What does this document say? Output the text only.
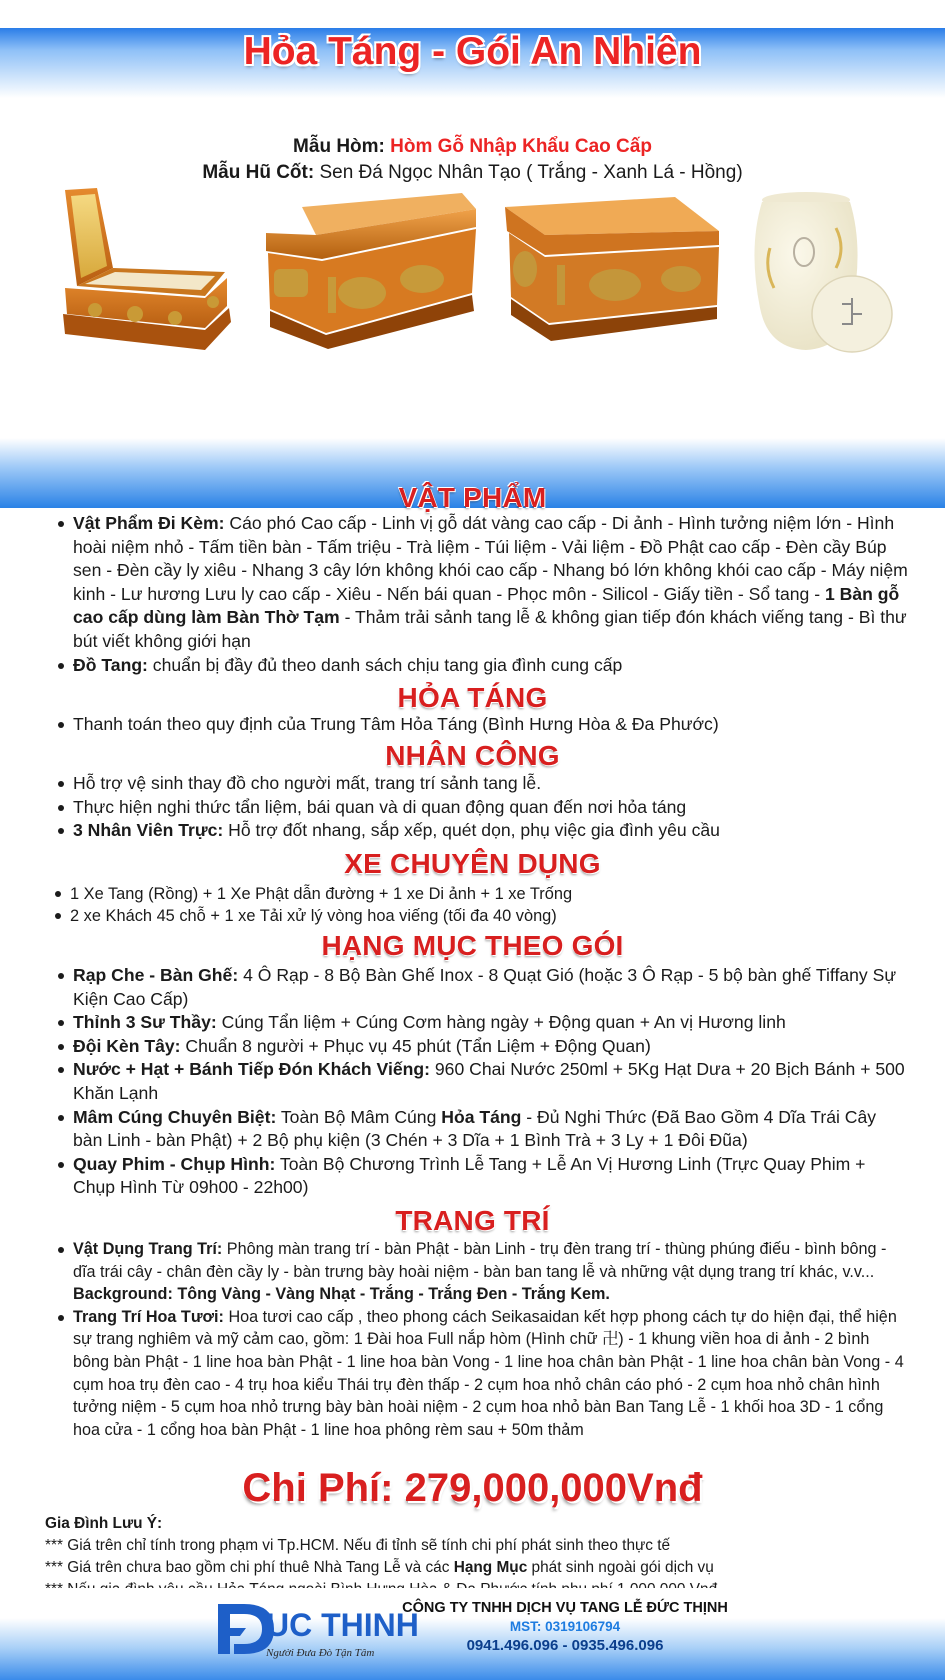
Hỏa Táng - Gói An Nhiên
Mẫu Hòm: Hòm Gỗ Nhập Khẩu Cao Cấp
Mẫu Hũ Cốt: Sen Đá Ngọc Nhân Tạo ( Trắng - Xanh Lá - Hồng)
VẬT PHẨM
Vật Phẩm Đi Kèm: Cáo phó Cao cấp - Linh vị gỗ dát vàng cao cấp - Di ảnh - Hình tưởng niệm lớn - Hình hoài niệm nhỏ - Tấm tiền bàn - Tấm triệu - Trà liệm - Túi liệm - Vải liệm - Đồ Phật cao cấp - Đèn cầy Búp sen - Đèn cầy ly xiêu - Nhang 3 cây lớn không khói cao cấp - Nhang bó lớn không khói cao cấp - Máy niệm kinh - Lư hương Lưu ly cao cấp - Xiêu - Nến bái quan - Phọc môn - Silicol - Giấy tiền - Sổ tang - 1 Bàn gỗ cao cấp dùng làm Bàn Thờ Tạm - Thảm trải sảnh tang lễ & không gian tiếp đón khách viếng tang - Bì thư bút viết không giới hạn
Đồ Tang: chuẩn bị đầy đủ theo danh sách chịu tang gia đình cung cấp
HỎA TÁNG
Thanh toán theo quy định của Trung Tâm Hỏa Táng (Bình Hưng Hòa & Đa Phước)
NHÂN CÔNG
Hỗ trợ vệ sinh thay đồ cho người mất, trang trí sảnh tang lễ.
Thực hiện nghi thức tẩn liệm, bái quan và di quan động quan đến nơi hỏa táng
3 Nhân Viên Trực: Hỗ trợ đốt nhang, sắp xếp, quét dọn, phụ việc gia đình yêu cầu
XE CHUYÊN DỤNG
1 Xe Tang (Rồng) + 1 Xe Phật dẫn đường + 1 xe Di ảnh + 1 xe Trống
2 xe Khách 45 chỗ + 1 xe Tải xử lý vòng hoa viếng (tối đa 40 vòng)
HẠNG MỤC THEO GÓI
Rạp Che - Bàn Ghế: 4 Ô Rạp - 8 Bộ Bàn Ghế Inox - 8 Quạt Gió (hoặc 3 Ô Rạp - 5 bộ bàn ghế Tiffany Sự Kiện Cao Cấp)
Thỉnh 3 Sư Thầy: Cúng Tẩn liệm + Cúng Cơm hàng ngày + Động quan + An vị Hương linh
Đội Kèn Tây: Chuẩn 8 người + Phục vụ 45 phút (Tẩn Liệm + Động Quan)
Nước + Hạt + Bánh Tiếp Đón Khách Viếng: 960 Chai Nước 250ml + 5Kg Hạt Dưa + 20 Bịch Bánh + 500 Khăn Lạnh
Mâm Cúng Chuyên Biệt: Toàn Bộ Mâm Cúng Hỏa Táng - Đủ Nghi Thức (Đã Bao Gồm 4 Dĩa Trái Cây bàn Linh - bàn Phật) + 2 Bộ phụ kiện (3 Chén + 3 Dĩa + 1 Bình Trà + 3 Ly + 1 Đôi Đũa)
Quay Phim - Chụp Hình: Toàn Bộ Chương Trình Lễ Tang + Lễ An Vị Hương Linh (Trực Quay Phim + Chụp Hình Từ 09h00 - 22h00)
TRANG TRÍ
Vật Dụng Trang Trí: Phông màn trang trí - bàn Phật - bàn Linh - trụ đèn trang trí - thùng phúng điếu - bình bông - dĩa trái cây - chân đèn cầy ly - bàn trưng bày hoài niệm - bàn ban tang lễ và những vật dụng trang trí khác, v.v... Background: Tông Vàng - Vàng Nhạt - Trắng - Trắng Đen - Trắng Kem.
Trang Trí Hoa Tươi: Hoa tươi cao cấp , theo phong cách Seikasaidan kết hợp phong cách tự do hiện đại, thể hiện sự trang nghiêm và mỹ cảm cao, gồm: 1 Đài hoa Full nắp hòm (Hình chữ 卍) - 1 khung viền hoa di ảnh - 2 bình bông bàn Phật - 1 line hoa bàn Phật - 1 line hoa bàn Vong - 1 line hoa chân bàn Phật - 1 line hoa chân bàn Vong - 4 cụm hoa trụ đèn cao - 4 trụ hoa kiểu Thái trụ đèn thấp - 2 cụm hoa nhỏ chân cáo phó - 2 cụm hoa nhỏ chân hình tưởng niệm - 5 cụm hoa nhỏ trưng bày bàn hoài niệm - 2 cụm hoa nhỏ bàn Ban Tang Lễ - 1 khối hoa 3D - 1 cổng hoa cửa - 1 cổng hoa bàn Phật - 1 line hoa phông rèm sau + 50m thảm
Chi Phí: 279,000,000Vnđ
Gia Đình Lưu Ý:
*** Giá trên chỉ tính trong phạm vi Tp.HCM. Nếu đi tỉnh sẽ tính chi phí phát sinh theo thực tế
*** Giá trên chưa bao gồm chi phí thuê Nhà Tang Lễ và các Hạng Mục phát sinh ngoài gói dịch vụ
UC THINH
Người Đưa Đò Tận Tâm
CÔNG TY TNHH DỊCH VỤ TANG LỄ ĐỨC THỊNH
MST: 0319106794
0941.496.096 - 0935.496.096
